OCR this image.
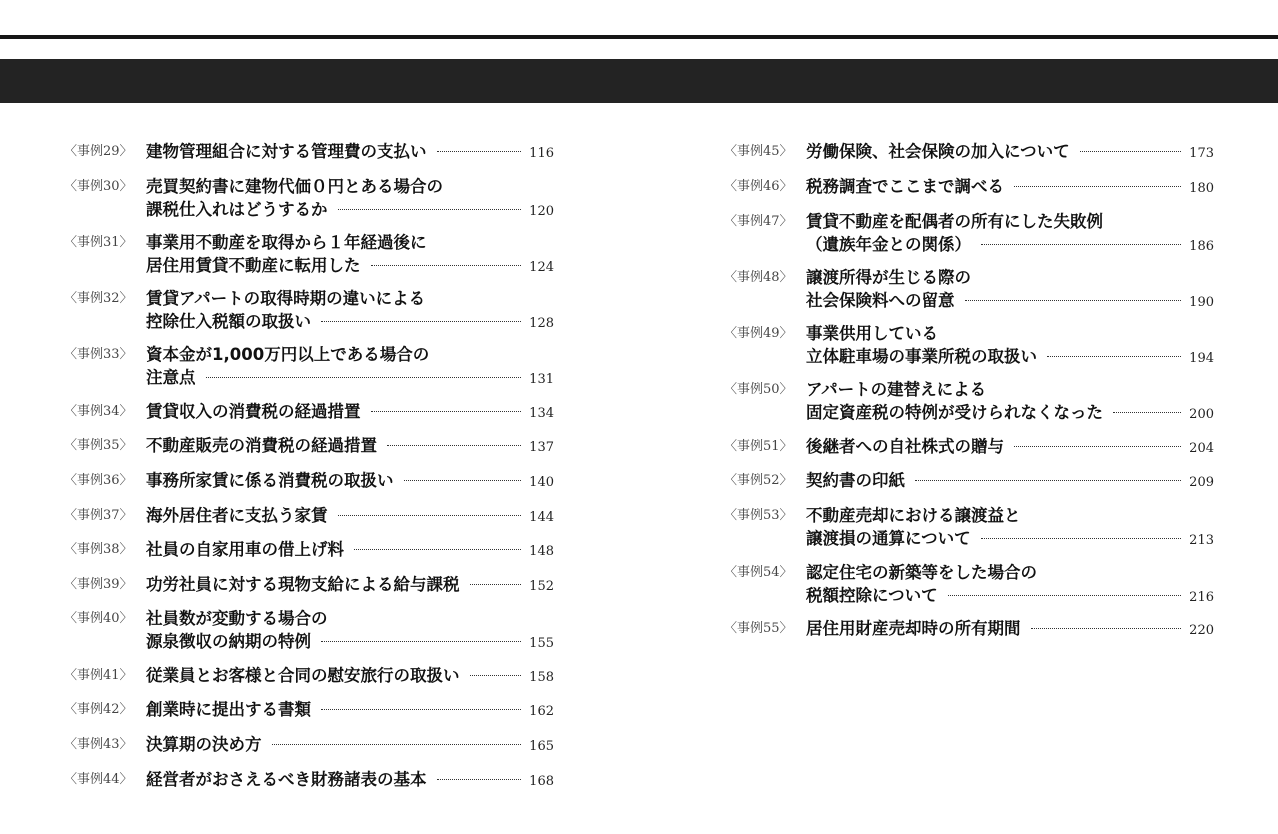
〈事例29〉 建物管理組合に対する管理費の支払い	116
〈事例30〉 売買契約書に建物代価０円とある場合の
課税仕入れはどうするか	120
〈事例31〉 事業用不動産を取得から１年経過後に
居住用賃貸不動産に転用した	124
〈事例32〉 賃貸アパートの取得時期の違いによる
控除仕入税額の取扱い	128
〈事例33〉 資本金が1,000万円以上である場合の
注意点	131
〈事例34〉 賃貸収入の消費税の経過措置	134
〈事例35〉 不動産販売の消費税の経過措置	137
〈事例36〉 事務所家賃に係る消費税の取扱い	140
〈事例37〉 海外居住者に支払う家賃	144
〈事例38〉 社員の自家用車の借上げ料	148
〈事例39〉 功労社員に対する現物支給による給与課税	152
〈事例40〉 社員数が変動する場合の
源泉徴収の納期の特例	155
〈事例41〉 従業員とお客様と合同の慰安旅行の取扱い	158
〈事例42〉 創業時に提出する書類	162
〈事例43〉 決算期の決め方	165
〈事例44〉 経営者がおさえるべき財務諸表の基本	168
〈事例45〉 労働保険、社会保険の加入について	173
〈事例46〉 税務調査でここまで調べる	180
〈事例47〉 賃貸不動産を配偶者の所有にした失敗例
（遺族年金との関係）	186
〈事例48〉 譲渡所得が生じる際の
社会保険料への留意	190
〈事例49〉 事業供用している
立体駐車場の事業所税の取扱い	194
〈事例50〉 アパートの建替えによる
固定資産税の特例が受けられなくなった	200
〈事例51〉 後継者への自社株式の贈与	204
〈事例52〉 契約書の印紙	209
〈事例53〉 不動産売却における譲渡益と
譲渡損の通算について	213
〈事例54〉 認定住宅の新築等をした場合の
税額控除について	216
〈事例55〉 居住用財産売却時の所有期間	220
